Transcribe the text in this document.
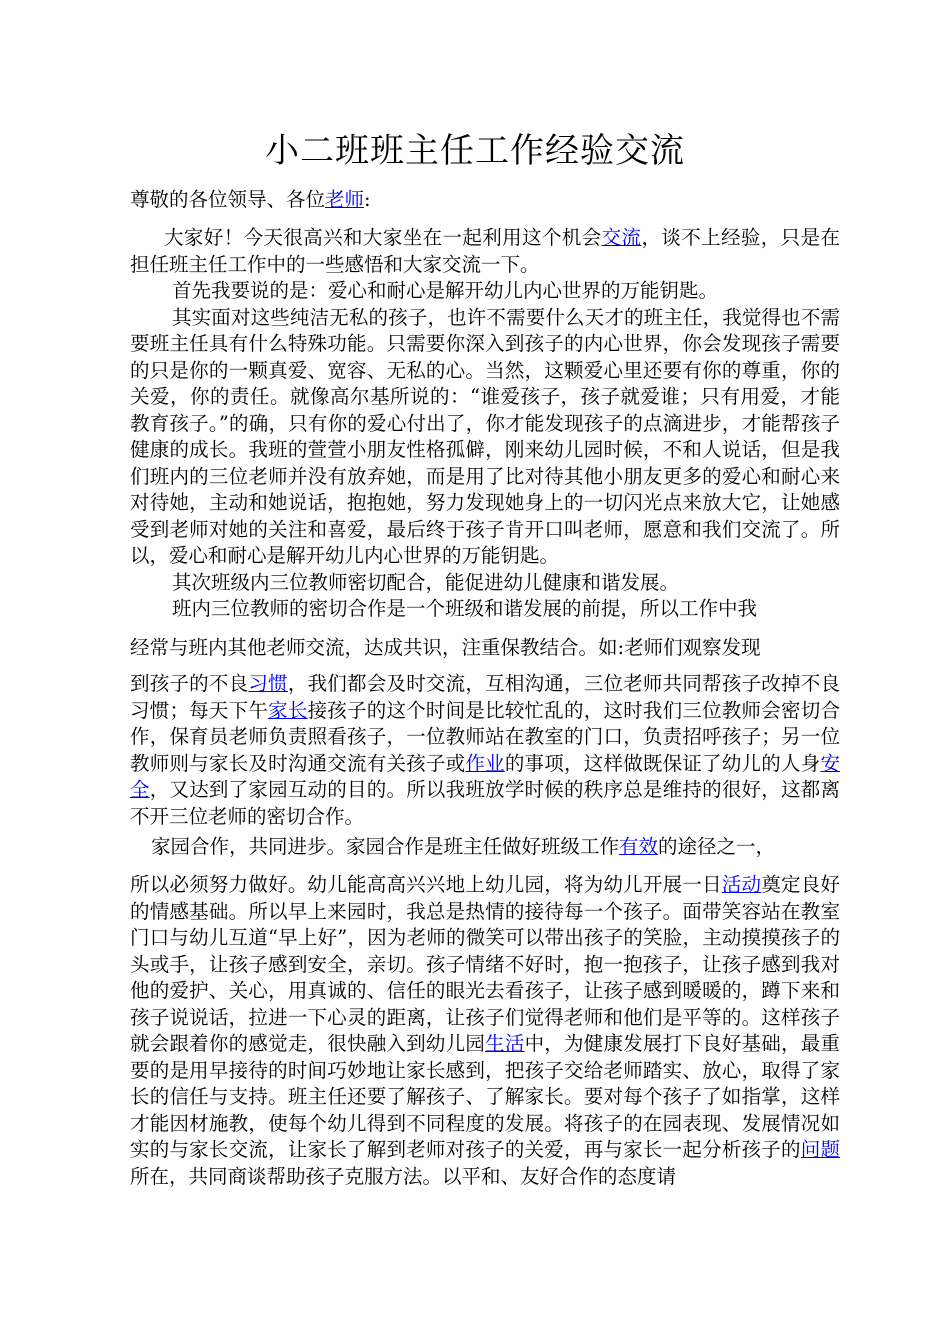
小二班班主任工作经验交流

尊敬的各位领导、各位老师:

大家好！今天很高兴和大家坐在一起利用这个机会交流，谈不上经验，只是在担任班主任工作中的一些感悟和大家交流一下。

首先我要说的是：爱心和耐心是解开幼儿内心世界的万能钥匙。

其实面对这些纯洁无私的孩子，也许不需要什么天才的班主任，我觉得也不需要班主任具有什么特殊功能。只需要你深入到孩子的内心世界，你会发现孩子需要的只是你的一颗真爱、宽容、无私的心。当然，这颗爱心里还要有你的尊重，你的关爱，你的责任。就像高尔基所说的：“谁爱孩子，孩子就爱谁；只有用爱，才能教育孩子。”的确，只有你的爱心付出了，你才能发现孩子的点滴进步，才能帮孩子健康的成长。我班的萱萱小朋友性格孤僻，刚来幼儿园时候，不和人说话，但是我们班内的三位老师并没有放弃她，而是用了比对待其他小朋友更多的爱心和耐心来对待她，主动和她说话，抱抱她，努力发现她身上的一切闪光点来放大它，让她感受到老师对她的关注和喜爱，最后终于孩子肯开口叫老师，愿意和我们交流了。所以，爱心和耐心是解开幼儿内心世界的万能钥匙。

其次班级内三位教师密切配合，能促进幼儿健康和谐发展。

班内三位教师的密切合作是一个班级和谐发展的前提，所以工作中我

经常与班内其他老师交流，达成共识，注重保教结合。如:老师们观察发现

到孩子的不良习惯，我们都会及时交流，互相沟通，三位老师共同帮孩子改掉不良习惯；每天下午家长接孩子的这个时间是比较忙乱的，这时我们三位教师会密切合作，保育员老师负责照看孩子，一位教师站在教室的门口，负责招呼孩子；另一位教师则与家长及时沟通交流有关孩子或作业的事项，这样做既保证了幼儿的人身安全，又达到了家园互动的目的。所以我班放学时候的秩序总是维持的很好，这都离不开三位老师的密切合作。

家园合作，共同进步。家园合作是班主任做好班级工作有效的途径之一，

所以必须努力做好。幼儿能高高兴兴地上幼儿园，将为幼儿开展一日活动奠定良好的情感基础。所以早上来园时，我总是热情的接待每一个孩子。面带笑容站在教室门口与幼儿互道“早上好”，因为老师的微笑可以带出孩子的笑脸，主动摸摸孩子的头或手，让孩子感到安全，亲切。孩子情绪不好时，抱一抱孩子，让孩子感到我对他的爱护、关心，用真诚的、信任的眼光去看孩子，让孩子感到暖暖的，蹲下来和孩子说说话，拉进一下心灵的距离，让孩子们觉得老师和他们是平等的。这样孩子就会跟着你的感觉走，很快融入到幼儿园生活中，为健康发展打下良好基础，最重要的是用早接待的时间巧妙地让家长感到，把孩子交给老师踏实、放心，取得了家长的信任与支持。班主任还要了解孩子、了解家长。要对每个孩子了如指掌，这样才能因材施教，使每个幼儿得到不同程度的发展。将孩子的在园表现、发展情况如实的与家长交流，让家长了解到老师对孩子的关爱，再与家长一起分析孩子的问题所在，共同商谈帮助孩子克服方法。以平和、友好合作的态度请
